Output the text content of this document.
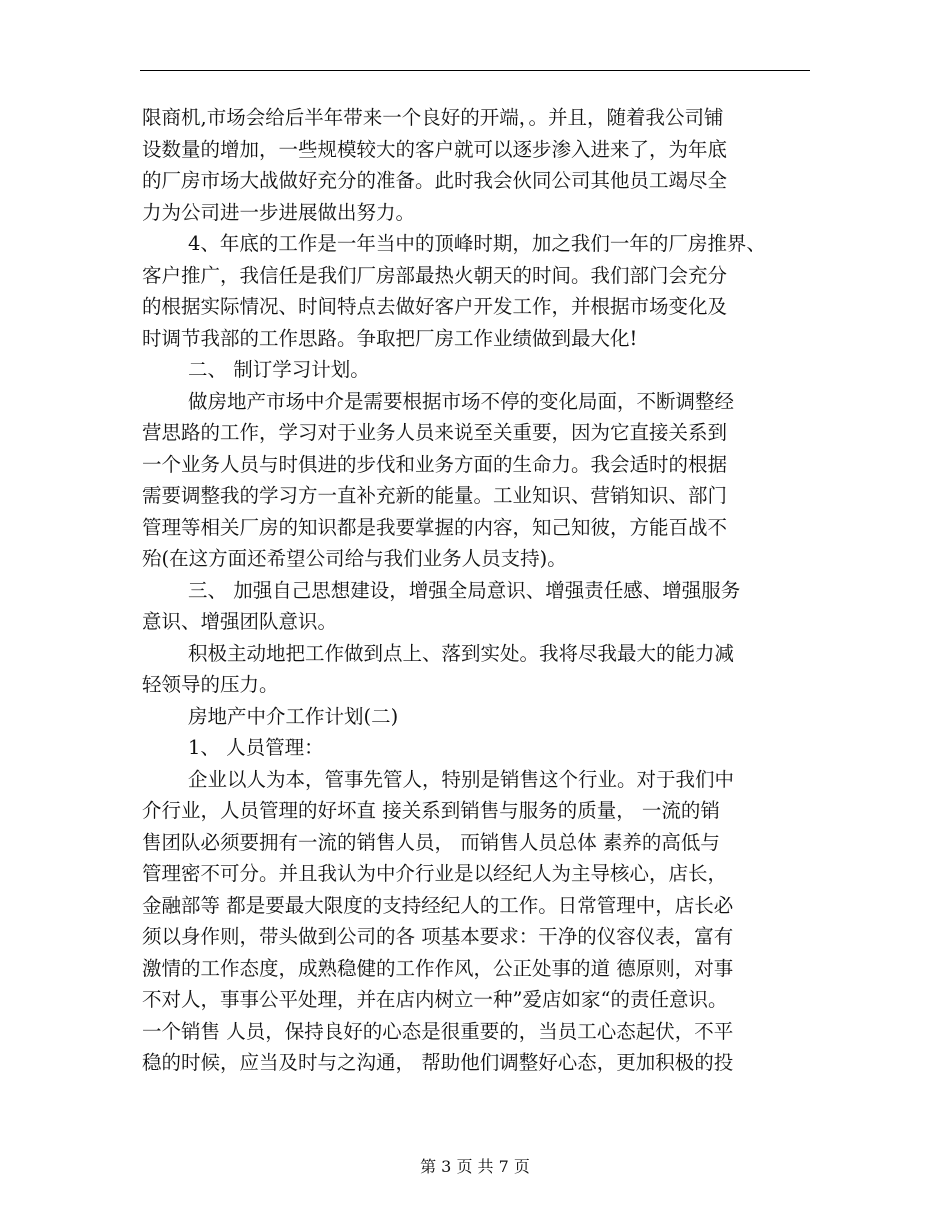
限商机,市场会给后半年带来一个良好的开端，。并且，随着我公司铺
设数量的增加，一些规模较大的客户就可以逐步渗入进来了，为年底
的厂房市场大战做好充分的准备。此时我会伙同公司其他员工竭尽全
力为公司进一步进展做出努力。
4、年底的工作是一年当中的顶峰时期，加之我们一年的厂房推界、
客户推广，我信任是我们厂房部最热火朝天的时间。我们部门会充分
的根据实际情况、时间特点去做好客户开发工作，并根据市场变化及
时调节我部的工作思路。争取把厂房工作业绩做到最大化!
二、 制订学习计划。
做房地产市场中介是需要根据市场不停的变化局面，不断调整经
营思路的工作，学习对于业务人员来说至关重要，因为它直接关系到
一个业务人员与时俱进的步伐和业务方面的生命力。我会适时的根据
需要调整我的学习方一直补充新的能量。工业知识、营销知识、部门
管理等相关厂房的知识都是我要掌握的内容，知己知彼，方能百战不
殆(在这方面还希望公司给与我们业务人员支持)。
三、 加强自己思想建设，增强全局意识、增强责任感、增强服务
意识、增强团队意识。
积极主动地把工作做到点上、落到实处。我将尽我最大的能力减
轻领导的压力。
房地产中介工作计划(二)
1、 人员管理：
企业以人为本，管事先管人，特别是销售这个行业。对于我们中
介行业，人员管理的好坏直 接关系到销售与服务的质量， 一流的销
售团队必须要拥有一流的销售人员， 而销售人员总体 素养的高低与
管理密不可分。并且我认为中介行业是以经纪人为主导核心，店长，
金融部等 都是要最大限度的支持经纪人的工作。日常管理中，店长必
须以身作则，带头做到公司的各 项基本要求：干净的仪容仪表，富有
激情的工作态度，成熟稳健的工作作风，公正处事的道 德原则，对事
不对人，事事公平处理，并在店内树立一种”爱店如家“的责任意识。
一个销售 人员，保持良好的心态是很重要的，当员工心态起伏，不平
稳的时候，应当及时与之沟通， 帮助他们调整好心态，更加积极的投
第 3 页 共 7 页
